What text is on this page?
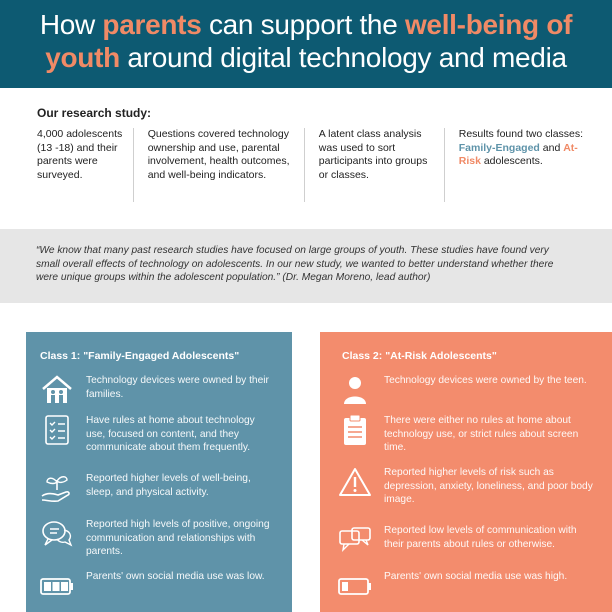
How parents can support the well-being of
youth around digital technology and media
Our research study:
4,000 adolescents (13 -18) and their parents were surveyed.
Questions covered technology ownership and use, parental involvement, health outcomes, and well-being indicators.
A latent class analysis was used to sort participants into groups or classes.
Results found two classes: Family-Engaged and At-Risk adolescents.
“We know that many past research studies have focused on large groups of youth. These studies have found very small overall effects of technology on adolescents. In our new study, we wanted to better understand whether there were unique groups within the adolescent population.” (Dr. Megan Moreno, lead author)
Class 1: "Family-Engaged Adolescents"
Technology devices were owned by their families.
Have rules at home about technology use, focused on content, and they communicate about them frequently.
Reported higher levels of well-being, sleep, and physical activity.
Reported high levels of positive, ongoing communication and relationships with parents.
Parents' own social media use was low.
Class 2: "At-Risk Adolescents"
Technology devices were owned by the teen.
There were either no rules at home about technology use, or strict rules about screen time.
Reported higher levels of risk such as depression, anxiety, loneliness, and poor body image.
Reported low levels of communication with their parents about rules or otherwise.
Parents' own social media use was high.
